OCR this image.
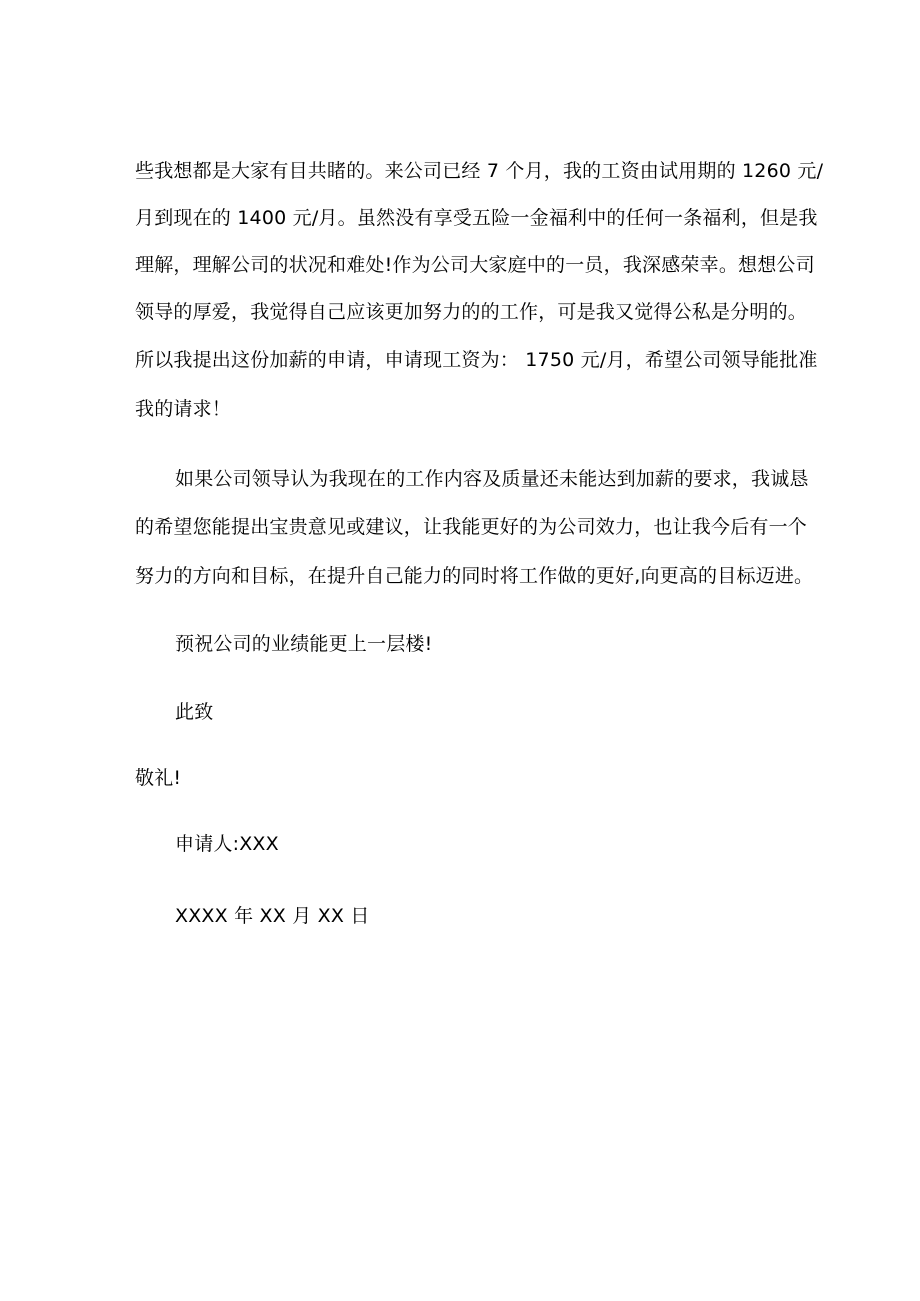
些我想都是大家有目共睹的。来公司已经 7 个月，我的工资由试用期的 1260 元/
月到现在的 1400 元/月。虽然没有享受五险一金福利中的任何一条福利，但是我
理解，理解公司的状况和难处!作为公司大家庭中的一员，我深感荣幸。想想公司
领导的厚爱，我觉得自己应该更加努力的的工作，可是我又觉得公私是分明的。
所以我提出这份加薪的申请，申请现工资为： 1750 元/月，希望公司领导能批准
我的请求！
如果公司领导认为我现在的工作内容及质量还未能达到加薪的要求，我诚恳
的希望您能提出宝贵意见或建议，让我能更好的为公司效力，也让我今后有一个
努力的方向和目标，在提升自己能力的同时将工作做的更好,向更高的目标迈进。
预祝公司的业绩能更上一层楼!
此致
敬礼!
申请人:XXX
XXXX 年 XX 月 XX 日
